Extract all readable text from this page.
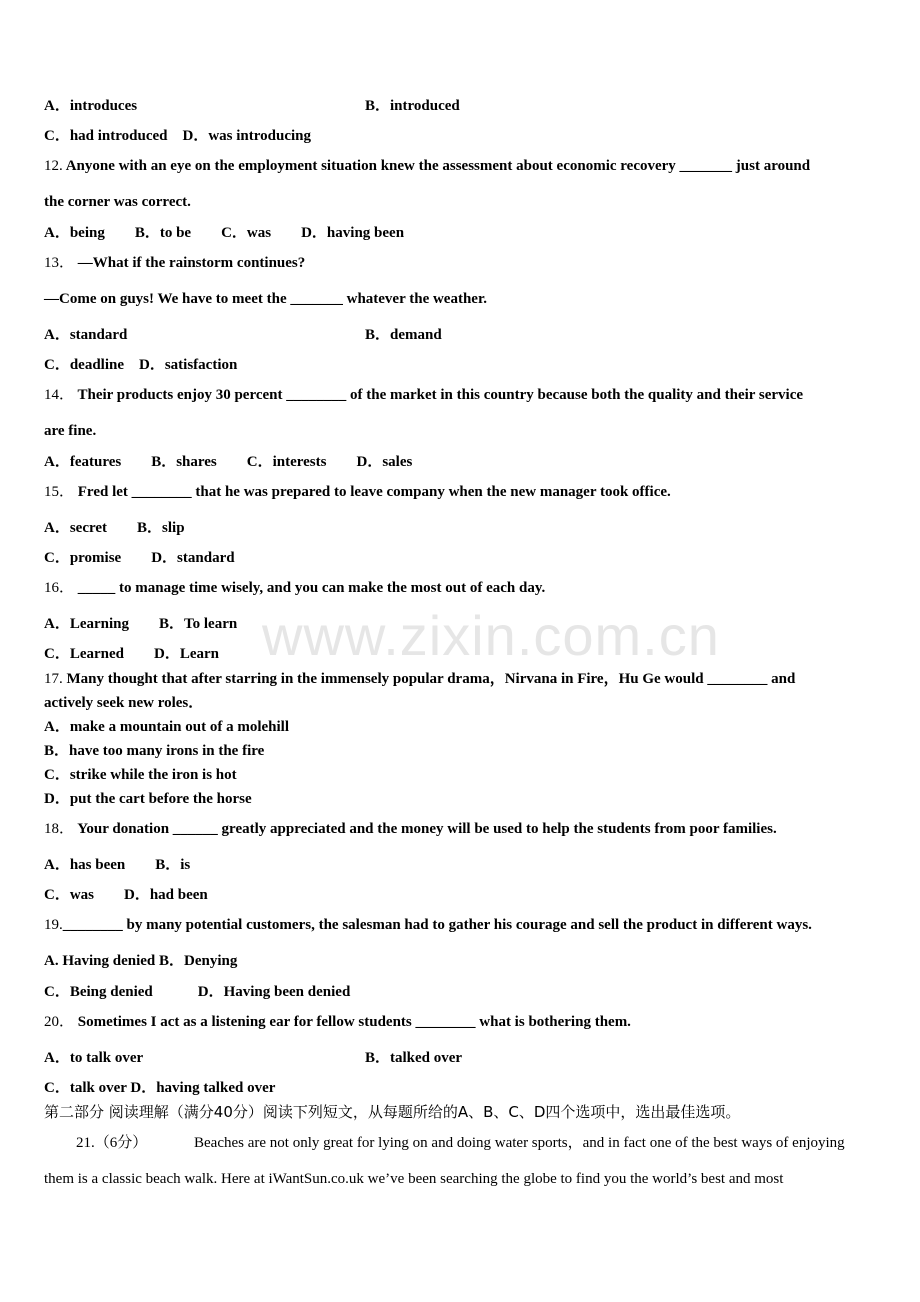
www.zixin.com.cn
A．introduces	B．introduced
C．had introduced　D．was introducing
12. Anyone with an eye on the employment situation knew the assessment about economic recovery _______ just around
the corner was correct.
A．being　　B．to be　　C．was　　D．having been
13． —What if the rainstorm continues?
—Come on guys! We have to meet the _______ whatever the weather.
A．standard	B．demand
C．deadline　D．satisfaction
14． Their products enjoy 30 percent ________ of the market in this country because both the quality and their service
are fine.
A．features　　B．shares　　C．interests　　D．sales
15． Fred let ________ that he was prepared to leave company when the new manager took office.
A．secret　　B．slip
C．promise　　D．standard
16． _____ to manage time wisely, and you can make the most out of each day.
A．Learning　　B．To learn
C．Learned　　D．Learn
17. Many thought that after starring in the immensely popular drama，Nirvana in Fire，Hu Ge would ________ and
actively seek new roles．
A．make a mountain out of a molehill
B．have too many irons in the fire
C．strike while the iron is hot
D．put the cart before the horse
18． Your donation ______ greatly appreciated and the money will be used to help the students from poor families.
A．has been　　B．is
C．was　　D．had been
19.________ by many potential customers, the salesman had to gather his courage and sell the product in different ways.
A. Having denied B．Denying
C．Being denied　　　D．Having been denied
20． Sometimes I act as a listening ear for fellow students ________ what is bothering them.
A．to talk over	B．talked over
C．talk over D．having talked over
第二部分 阅读理解（满分40分）阅读下列短文，从每题所给的A、B、C、D四个选项中，选出最佳选项。
21.（6分）	Beaches are not only great for lying on and doing water sports，and in fact one of the best ways of enjoying
them is a classic beach walk. Here at iWantSun.co.uk we’ve been searching the globe to find you the world’s best and most
